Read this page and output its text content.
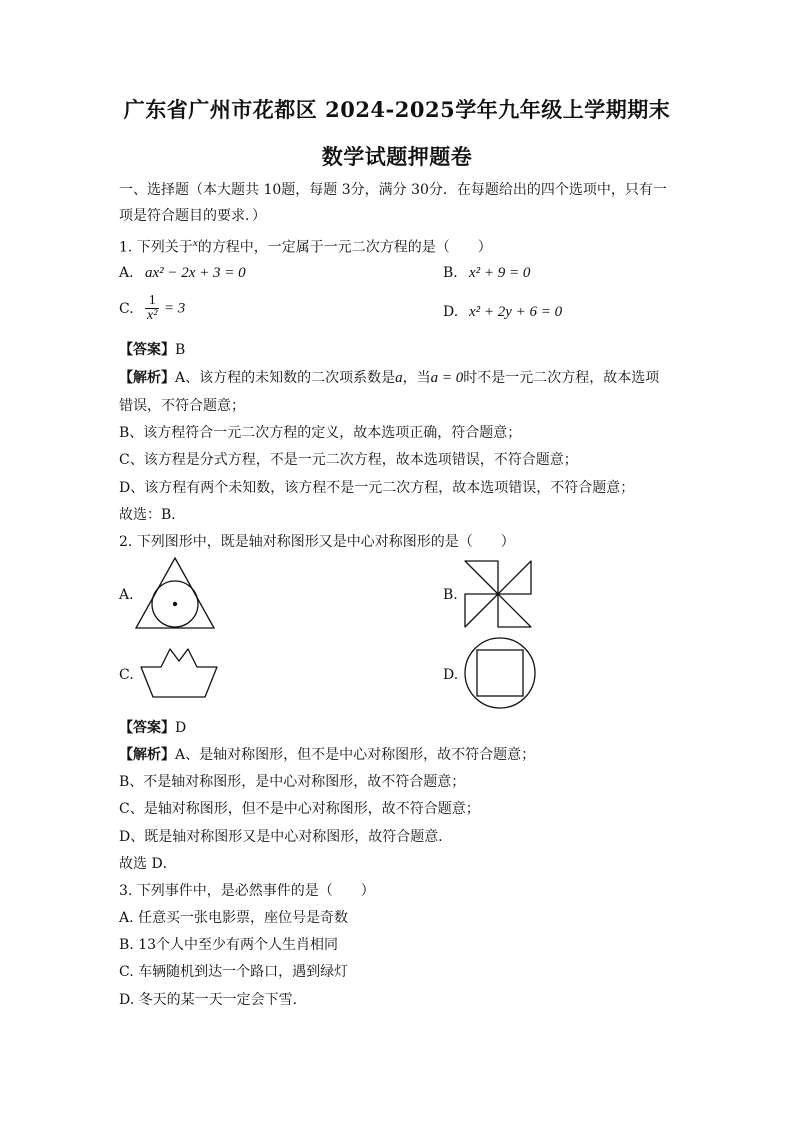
广东省广州市花都区 2024-2025学年九年级上学期期末
数学试题押题卷
一、选择题（本大题共 10题，每题 3分，满分 30分．在每题给出的四个选项中，只有一
项是符合题目的要求．）
1. 下列关于$^x$的方程中，一定属于一元二次方程的是（　　）
A. ax² − 2x + 3 = 0	B. x² + 9 = 0
C. $\frac{1}{\text{x²}} = 3$	D. x² + 2y + 6 = 0
【答案】B
【解析】A、该方程的未知数的二次项系数是a，当a = 0时不是一元二次方程，故本选项
错误，不符合题意；
B、该方程符合一元二次方程的定义，故本选项正确，符合题意；
C、该方程是分式方程，不是一元二次方程，故本选项错误，不符合题意；
D、该方程有两个未知数，该方程不是一元二次方程，故本选项错误，不符合题意；
故选：B．
2. 下列图形中，既是轴对称图形又是中心对称图形的是（　　）
A.	B.
C.	D.
【答案】D
【解析】A、是轴对称图形，但不是中心对称图形，故不符合题意；
B、不是轴对称图形，是中心对称图形，故不符合题意；
C、是轴对称图形，但不是中心对称图形，故不符合题意；
D、既是轴对称图形又是中心对称图形，故符合题意．
故选 D．
3. 下列事件中，是必然事件的是（　　）
A. 任意买一张电影票，座位号是奇数
B. 13个人中至少有两个人生肖相同
C. 车辆随机到达一个路口，遇到绿灯
D. 冬天的某一天一定会下雪．
